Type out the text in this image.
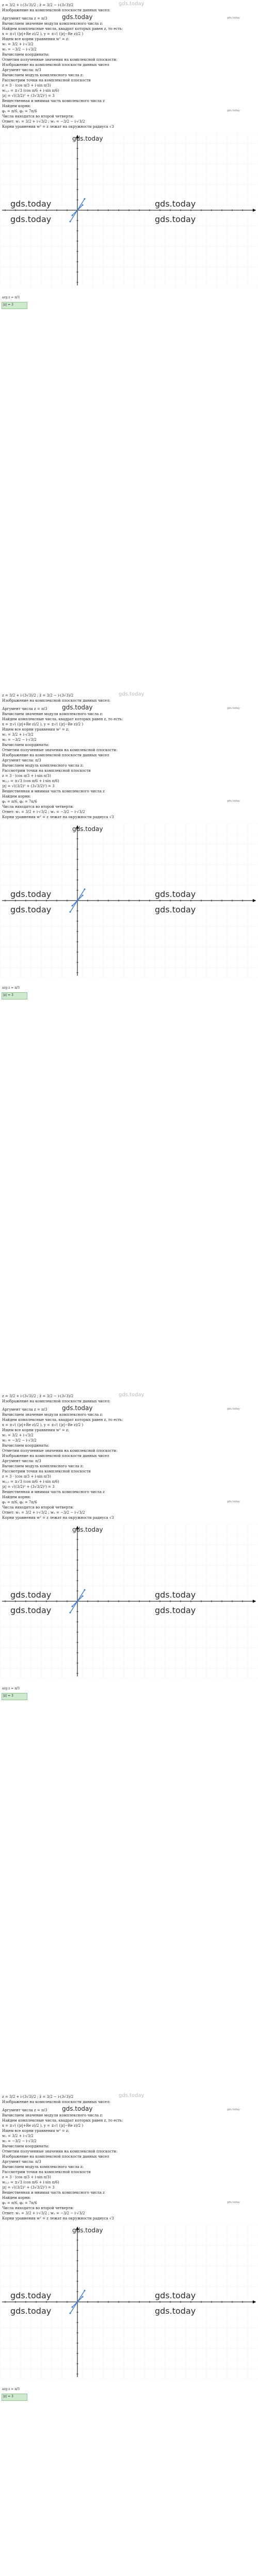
gds.today
z = 3/2 + i·(3√3)/2 ; z̄ = 3/2 − i·(3√3)/2
Изображение на комплексной плоскости данных чисел:
gds.today
Аргумент числа z = π/3
Вычисляем значение модуля комплексного числа z:
Найдем комплексные числа, квадрат которых равен z, то есть:
x = ±√( (|z|+Re z)/2 ), y = ±√( (|z|−Re z)/2 )
Ищем все корни уравнения w² = z:
w₁ = 3/2 + i·√3/2
w₂ = −3/2 − i·√3/2
Вычисляем координаты:
Отметим полученные значения на комплексной плоскости:
gds.today
Изображение на комплексной плоскости данных чисел
Аргумент числа: π/3
Вычисляем модуль комплексного числа z:
Рассмотрим точки на комплексной плоскости
z = 3 · (cos π/3 + i·sin π/3)
w₁,₂ = ±√3 (cos π/6 + i·sin π/6)
|z| = √((3/2)² + (3√3/2)²) = 3
Вещественная и мнимая часть комплексного числа z
Найдем корни:
φ₁ = π/6, φ₂ = 7π/6
Числа находятся во второй четверти:
Ответ: w₁ = 3/2 + i·√3/2 ; w₂ = −3/2 − i·√3/2
Корни уравнения w² = z лежат на окружности радиуса √3
gds.today
gds.today
gds.today	gds.today
gds.today	gds.today
|z| = 3
arg z = π/3
gds.today
z = 3/2 + i·(3√3)/2 ; z̄ = 3/2 − i·(3√3)/2
Изображение на комплексной плоскости данных чисел:
gds.today
Аргумент числа z = π/3
Вычисляем значение модуля комплексного числа z:
Найдем комплексные числа, квадрат которых равен z, то есть:
x = ±√( (|z|+Re z)/2 ), y = ±√( (|z|−Re z)/2 )
Ищем все корни уравнения w² = z:
w₁ = 3/2 + i·√3/2
w₂ = −3/2 − i·√3/2
Вычисляем координаты:
Отметим полученные значения на комплексной плоскости:
gds.today
Изображение на комплексной плоскости данных чисел
Аргумент числа: π/3
Вычисляем модуль комплексного числа z:
Рассмотрим точки на комплексной плоскости
z = 3 · (cos π/3 + i·sin π/3)
w₁,₂ = ±√3 (cos π/6 + i·sin π/6)
|z| = √((3/2)² + (3√3/2)²) = 3
Вещественная и мнимая часть комплексного числа z
Найдем корни:
φ₁ = π/6, φ₂ = 7π/6
Числа находятся во второй четверти:
Ответ: w₁ = 3/2 + i·√3/2 ; w₂ = −3/2 − i·√3/2
Корни уравнения w² = z лежат на окружности радиуса √3
gds.today
gds.today
gds.today	gds.today
gds.today	gds.today
|z| = 3
arg z = π/3
gds.today
z = 3/2 + i·(3√3)/2 ; z̄ = 3/2 − i·(3√3)/2
Изображение на комплексной плоскости данных чисел:
gds.today
Аргумент числа z = π/3
Вычисляем значение модуля комплексного числа z:
Найдем комплексные числа, квадрат которых равен z, то есть:
x = ±√( (|z|+Re z)/2 ), y = ±√( (|z|−Re z)/2 )
Ищем все корни уравнения w² = z:
w₁ = 3/2 + i·√3/2
w₂ = −3/2 − i·√3/2
Вычисляем координаты:
Отметим полученные значения на комплексной плоскости:
gds.today
Изображение на комплексной плоскости данных чисел
Аргумент числа: π/3
Вычисляем модуль комплексного числа z:
Рассмотрим точки на комплексной плоскости
z = 3 · (cos π/3 + i·sin π/3)
w₁,₂ = ±√3 (cos π/6 + i·sin π/6)
|z| = √((3/2)² + (3√3/2)²) = 3
Вещественная и мнимая часть комплексного числа z
Найдем корни:
φ₁ = π/6, φ₂ = 7π/6
Числа находятся во второй четверти:
Ответ: w₁ = 3/2 + i·√3/2 ; w₂ = −3/2 − i·√3/2
Корни уравнения w² = z лежат на окружности радиуса √3
gds.today
gds.today
gds.today	gds.today
gds.today	gds.today
|z| = 3
arg z = π/3
gds.today
z = 3/2 + i·(3√3)/2 ; z̄ = 3/2 − i·(3√3)/2
Изображение на комплексной плоскости данных чисел:
gds.today
Аргумент числа z = π/3
Вычисляем значение модуля комплексного числа z:
Найдем комплексные числа, квадрат которых равен z, то есть:
x = ±√( (|z|+Re z)/2 ), y = ±√( (|z|−Re z)/2 )
Ищем все корни уравнения w² = z:
w₁ = 3/2 + i·√3/2
w₂ = −3/2 − i·√3/2
Вычисляем координаты:
Отметим полученные значения на комплексной плоскости:
gds.today
Изображение на комплексной плоскости данных чисел
Аргумент числа: π/3
Вычисляем модуль комплексного числа z:
Рассмотрим точки на комплексной плоскости
z = 3 · (cos π/3 + i·sin π/3)
w₁,₂ = ±√3 (cos π/6 + i·sin π/6)
|z| = √((3/2)² + (3√3/2)²) = 3
Вещественная и мнимая часть комплексного числа z
Найдем корни:
φ₁ = π/6, φ₂ = 7π/6
Числа находятся во второй четверти:
Ответ: w₁ = 3/2 + i·√3/2 ; w₂ = −3/2 − i·√3/2
Корни уравнения w² = z лежат на окружности радиуса √3
gds.today
gds.today
gds.today	gds.today
gds.today	gds.today
|z| = 3
arg z = π/3
